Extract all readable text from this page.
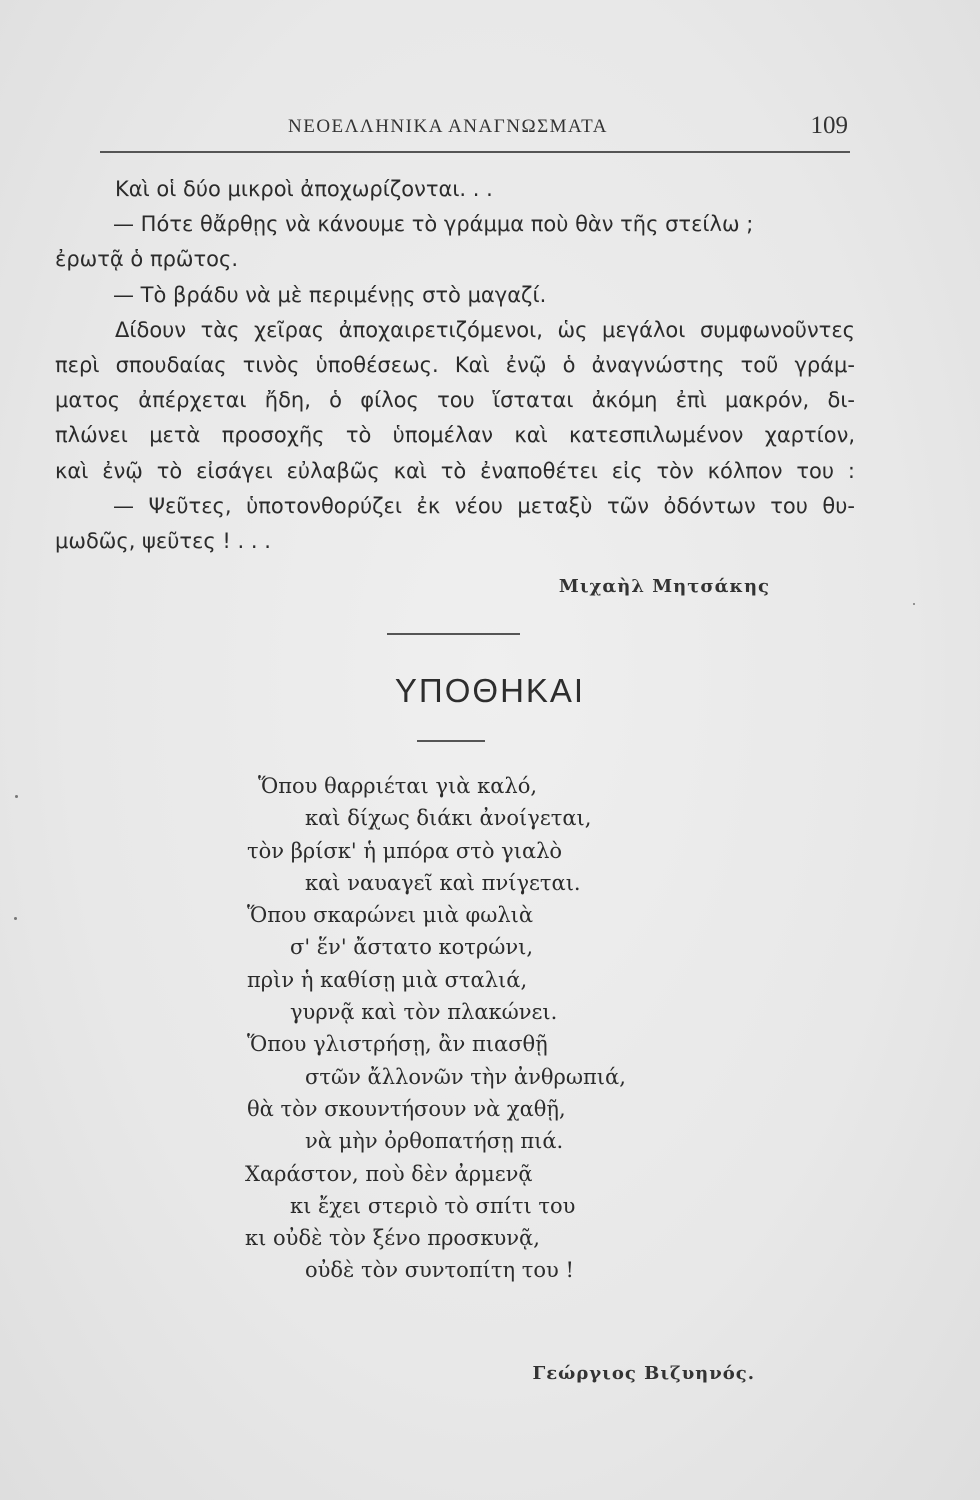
ΝΕΟΕΛΛΗΝΙΚΑ ΑΝΑΓΝΩΣΜΑΤΑ	109
Καὶ οἱ δύο μικροὶ ἀποχωρίζονται. . .
— Πότε θἄρθῃς νὰ κάνουμε τὸ γράμμα ποὺ θὰν τῆς στείλω ;
ἐρωτᾷ ὁ πρῶτος.
— Τὸ βράδυ νὰ μὲ περιμένῃς στὸ μαγαζί.
Δίδουν τὰς χεῖρας ἀποχαιρετιζόμενοι, ὡς μεγάλοι συμφωνοῦντες
περὶ σπουδαίας τινὸς ὑποθέσεως. Καὶ ἐνῷ ὁ ἀναγνώστης τοῦ γράμ-
ματος ἀπέρχεται ἤδη, ὁ φίλος του ἵσταται ἀκόμη ἐπὶ μακρόν, δι-
πλώνει μετὰ προσοχῆς τὸ ὑπομέλαν καὶ κατεσπιλωμένον χαρτίον,
καὶ ἐνῷ τὸ εἰσάγει εὐλαβῶς καὶ τὸ ἐναποθέτει εἰς τὸν κόλπον του :
— Ψεῦτες, ὑποτονθορύζει ἐκ νέου μεταξὺ τῶν ὀδόντων του θυ-
μωδῶς, ψεῦτες ! . . .
Μιχαὴλ Μητσάκης
ΥΠΟΘΗΚΑΙ
Ὅπου θαρριέται γιὰ καλό,
καὶ δίχως διάκι ἀνοίγεται,
τὸν βρίσκ' ἡ μπόρα στὸ γιαλὸ
καὶ ναυαγεῖ καὶ πνίγεται.
Ὅπου σκαρώνει μιὰ φωλιὰ
σ' ἕν' ἄστατο κοτρώνι,
πρὶν ἡ καθίσῃ μιὰ σταλιά,
γυρνᾷ καὶ τὸν πλακώνει.
Ὅπου γλιστρήσῃ, ἂν πιασθῇ
στῶν ἄλλονῶν τὴν ἀνθρωπιά,
θὰ τὸν σκουντήσουν νὰ χαθῇ,
νὰ μὴν ὀρθοπατήσῃ πιά.
Χαράστον, ποὺ δὲν ἀρμενᾷ
κι ἔχει στεριὸ τὸ σπίτι του
κι οὐδὲ τὸν ξένο προσκυνᾷ,
οὐδὲ τὸν συντοπίτη του !
Γεώργιος Βιζυηνός.
